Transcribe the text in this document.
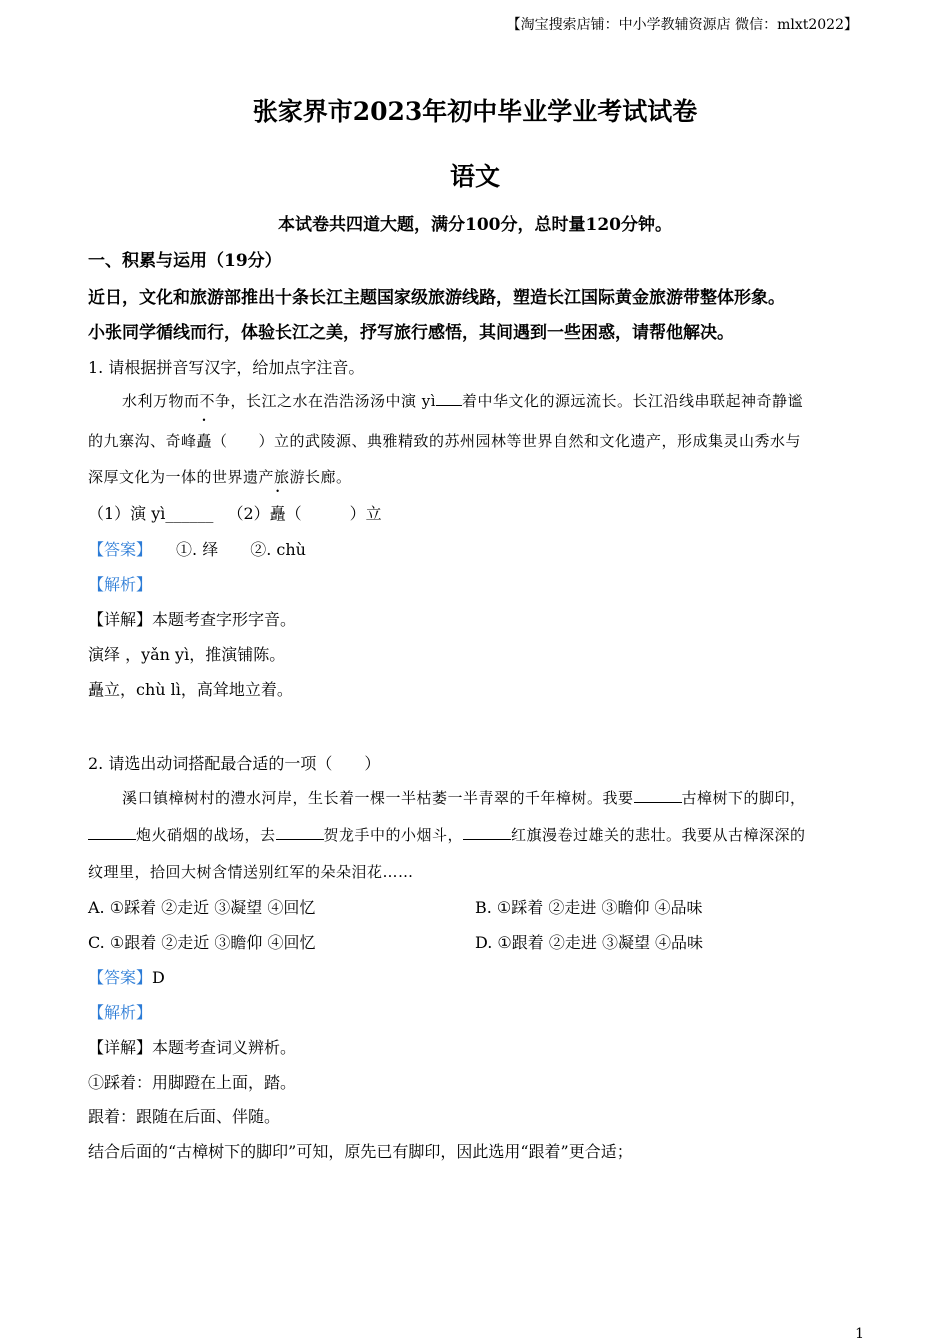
【淘宝搜索店铺：中小学教辅资源店 微信：mlxt2022】
张家界市2023年初中毕业学业考试试卷
语文
本试卷共四道大题，满分100分，总时量120分钟。
一、积累与运用（19分）
近日，文化和旅游部推出十条长江主题国家级旅游线路，塑造长江国际黄金旅游带整体形象。
小张同学循线而行，体验长江之美，抒写旅行感悟，其间遇到一些困惑，请帮他解决。
1. 请根据拼音写汉字，给加点字注音。
水利万物而不争，长江之水在浩浩汤汤中演 yì 着中华文化的源远流长。长江沿线串联起神奇静谧
的九寨沟、奇峰矗（　　）立的武陵源、典雅精致的苏州园林等世界自然和文化遗产，形成集灵山秀水与
深厚文化为一体的世界遗产旅游长廊。
（1）演 yì______ （2）矗（　　　）立
【答案】　　①. 绎　　②. chù
【解析】
【详解】本题考查字形字音。
演绎 ，yǎn yì，推演铺陈。
矗立，chù lì，高耸地立着。
2. 请选出动词搭配最合适的一项（　　）
溪口镇樟树村的澧水河岸，生长着一棵一半枯萎一半青翠的千年樟树。我要	古樟树下的脚印，
炮火硝烟的战场，去	贺龙手中的小烟斗，	红旗漫卷过雄关的悲壮。我要从古樟深深的
纹理里，拾回大树含情送别红军的朵朵泪花……
A. ①踩着 ②走近 ③凝望 ④回忆	B. ①踩着 ②走进 ③瞻仰 ④品味
C. ①跟着 ②走近 ③瞻仰 ④回忆	D. ①跟着 ②走进 ③凝望 ④品味
【答案】D
【解析】
【详解】本题考查词义辨析。
①踩着：用脚蹬在上面，踏。
跟着：跟随在后面、伴随。
结合后面的“古樟树下的脚印”可知，原先已有脚印，因此选用“跟着”更合适；
1
